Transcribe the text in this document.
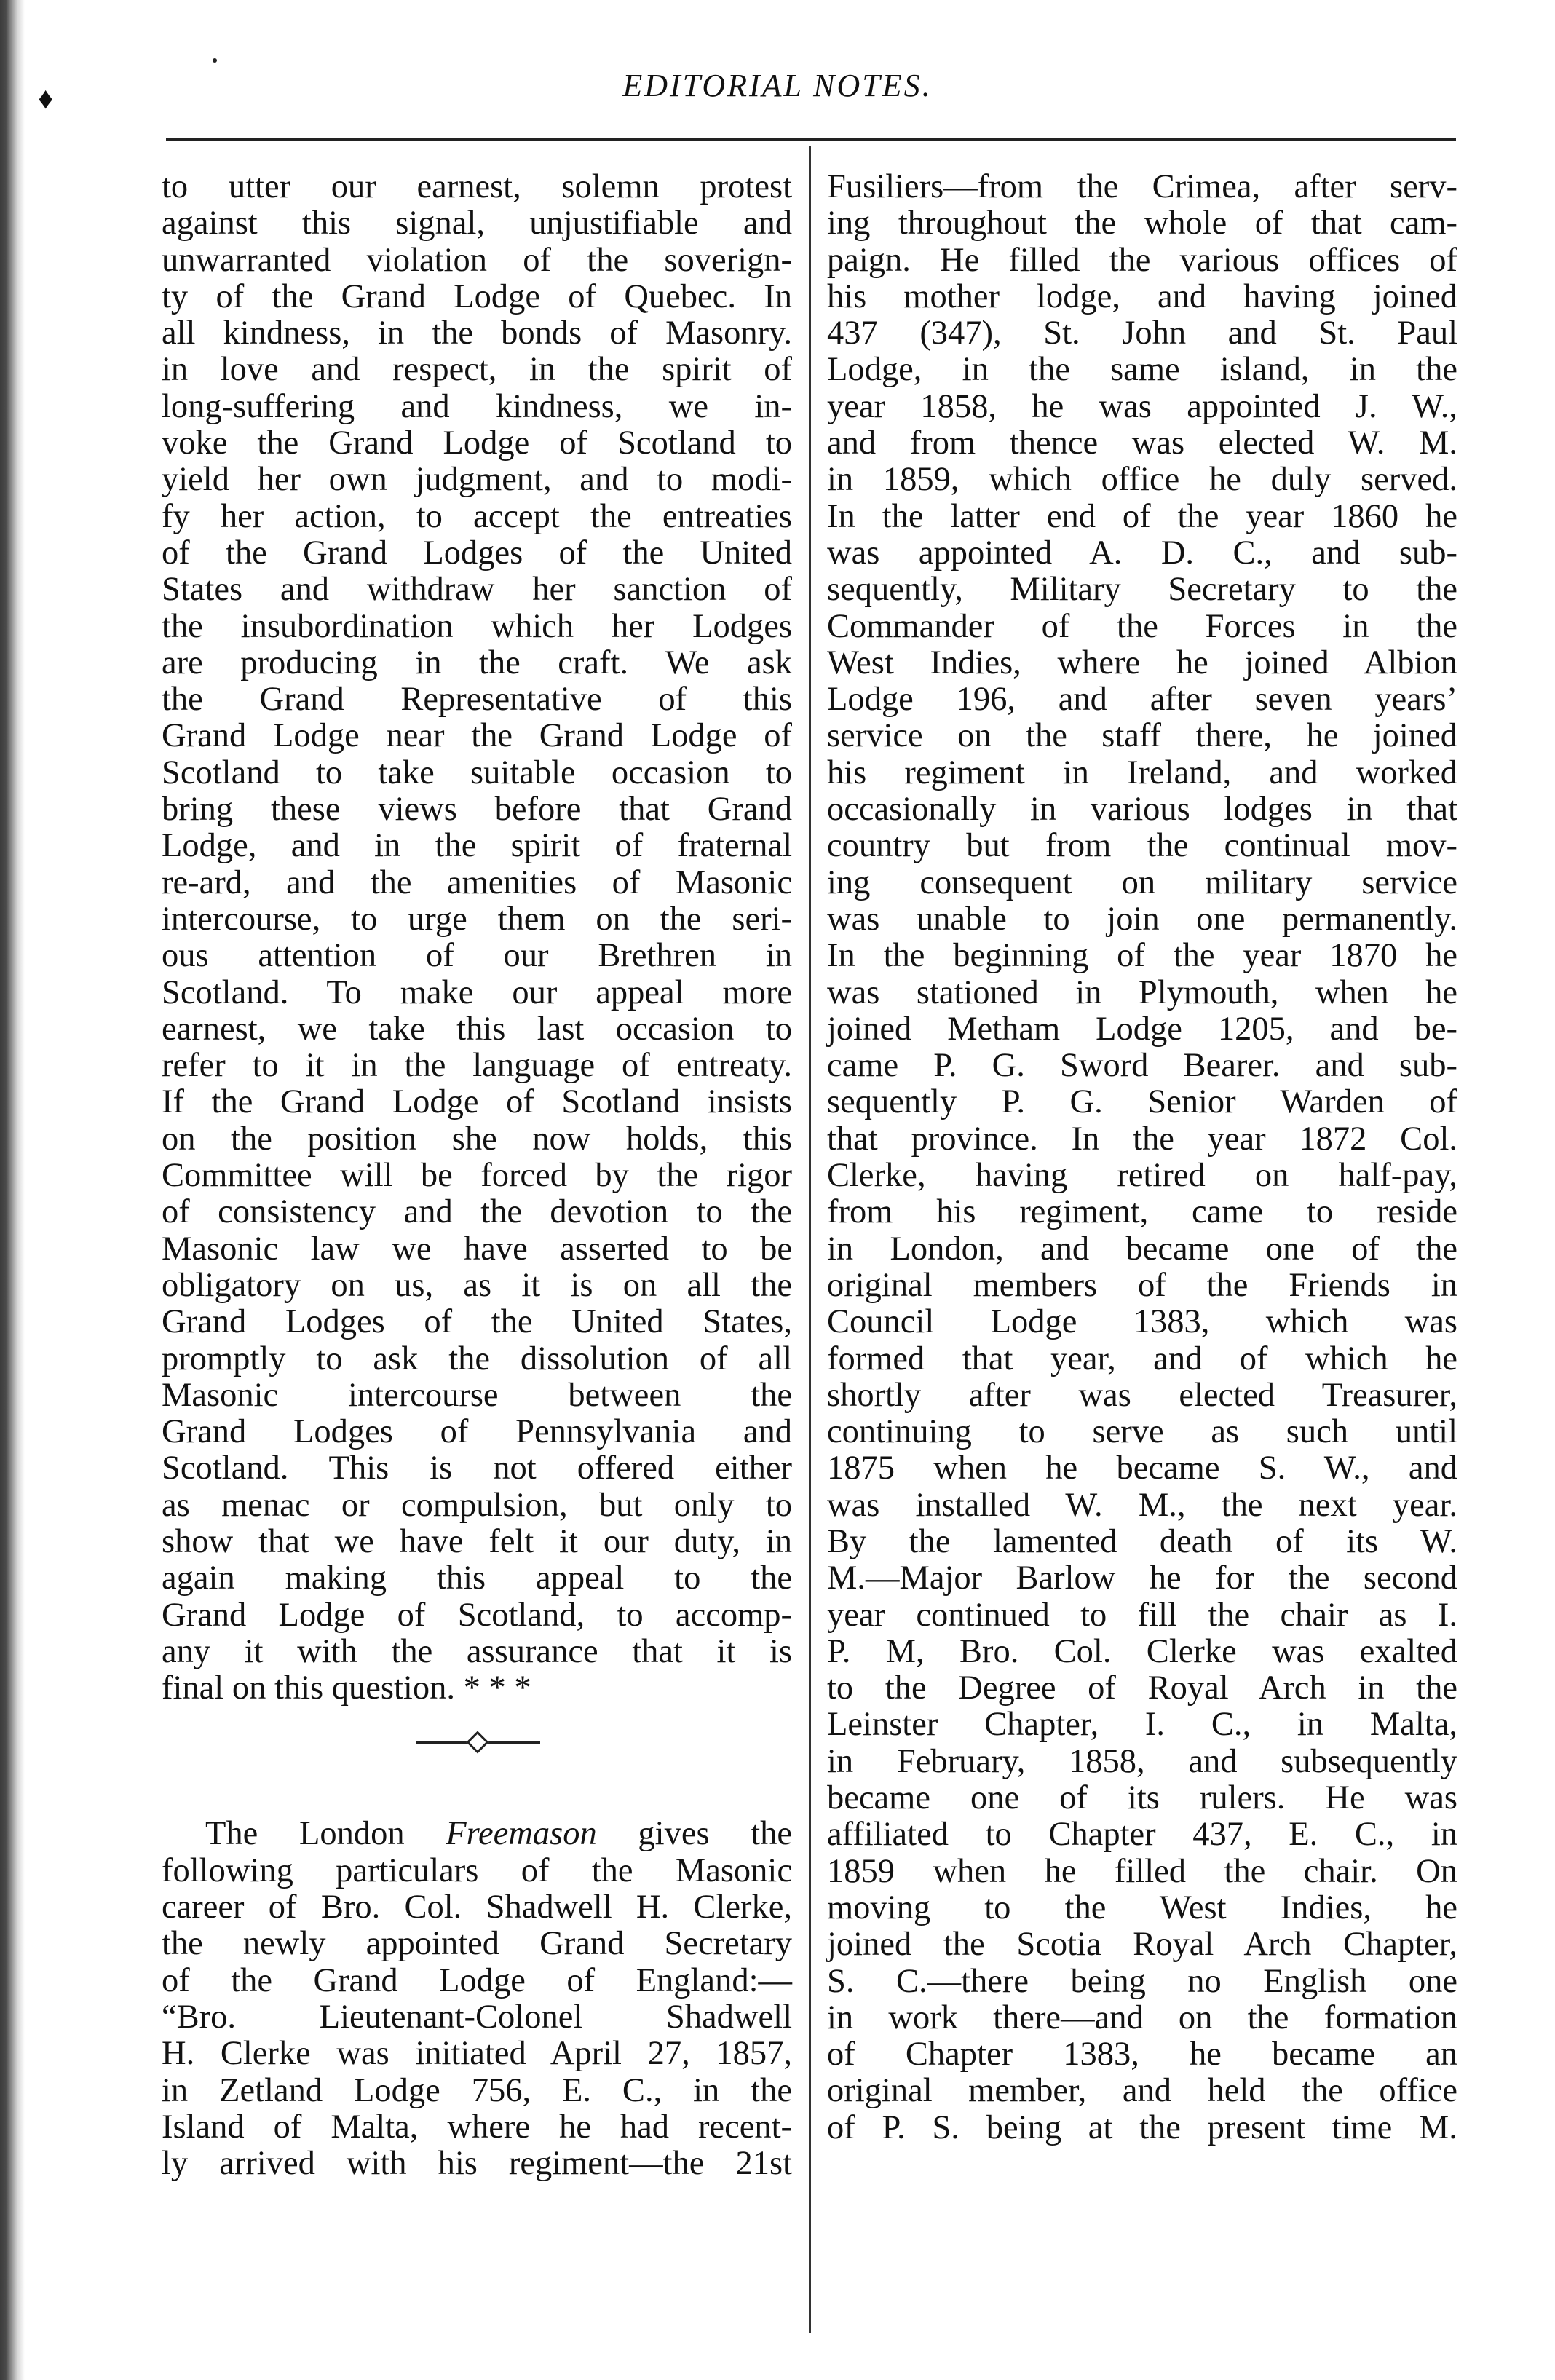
♦	EDITORIAL NOTES.
to utter our earnest, solemn protest
against this signal, unjustifiable and
unwarranted violation of the soverign-
ty of the Grand Lodge of Quebec. In
all kindness, in the bonds of Masonry.
in love and respect, in the spirit of
long-suffering and kindness, we in-
voke the Grand Lodge of Scotland to
yield her own judgment, and to modi-
fy her action, to accept the entreaties
of the Grand Lodges of the United
States and withdraw her sanction of
the insubordination which her Lodges
are producing in the craft. We ask
the Grand Representative of this
Grand Lodge near the Grand Lodge of
Scotland to take suitable occasion to
bring these views before that Grand
Lodge, and in the spirit of fraternal
re-ard, and the amenities of Masonic
intercourse, to urge them on the seri-
ous attention of our Brethren in
Scotland. To make our appeal more
earnest, we take this last occasion to
refer to it in the language of entreaty.
If the Grand Lodge of Scotland insists
on the position she now holds, this
Committee will be forced by the rigor
of consistency and the devotion to the
Masonic law we have asserted to be
obligatory on us, as it is on all the
Grand Lodges of the United States,
promptly to ask the dissolution of all
Masonic intercourse between the
Grand Lodges of Pennsylvania and
Scotland. This is not offered either
as menac or compulsion, but only to
show that we have felt it our duty, in
again making this appeal to the
Grand Lodge of Scotland, to accomp-
any it with the assurance that it is
final on this question. * * *
The London Freemason gives the
following particulars of the Masonic
career of Bro. Col. Shadwell H. Clerke,
the newly appointed Grand Secretary
of the Grand Lodge of England:—
“Bro. Lieutenant-Colonel Shadwell
H. Clerke was initiated April 27, 1857,
in Zetland Lodge 756, E. C., in the
Island of Malta, where he had recent-
ly arrived with his regiment—the 21st
Fusiliers—from the Crimea, after serv-
ing throughout the whole of that cam-
paign. He filled the various offices of
his mother lodge, and having joined
437 (347), St. John and St. Paul
Lodge, in the same island, in the
year 1858, he was appointed J. W.,
and from thence was elected W. M.
in 1859, which office he duly served.
In the latter end of the year 1860 he
was appointed A. D. C., and sub-
sequently, Military Secretary to the
Commander of the Forces in the
West Indies, where he joined Albion
Lodge 196, and after seven years’
service on the staff there, he joined
his regiment in Ireland, and worked
occasionally in various lodges in that
country but from the continual mov-
ing consequent on military service
was unable to join one permanently.
In the beginning of the year 1870 he
was stationed in Plymouth, when he
joined Metham Lodge 1205, and be-
came P. G. Sword Bearer. and sub-
sequently P. G. Senior Warden of
that province. In the year 1872 Col.
Clerke, having retired on half-pay,
from his regiment, came to reside
in London, and became one of the
original members of the Friends in
Council Lodge 1383, which was
formed that year, and of which he
shortly after was elected Treasurer,
continuing to serve as such until
1875 when he became S. W., and
was installed W. M., the next year.
By the lamented death of its W.
M.—Major Barlow he for the second
year continued to fill the chair as I.
P. M, Bro. Col. Clerke was exalted
to the Degree of Royal Arch in the
Leinster Chapter, I. C., in Malta,
in February, 1858, and subsequently
became one of its rulers. He was
affiliated to Chapter 437, E. C., in
1859 when he filled the chair. On
moving to the West Indies, he
joined the Scotia Royal Arch Chapter,
S. C.—there being no English one
in work there—and on the formation
of Chapter 1383, he became an
original member, and held the office
of P. S. being at the present time M.
